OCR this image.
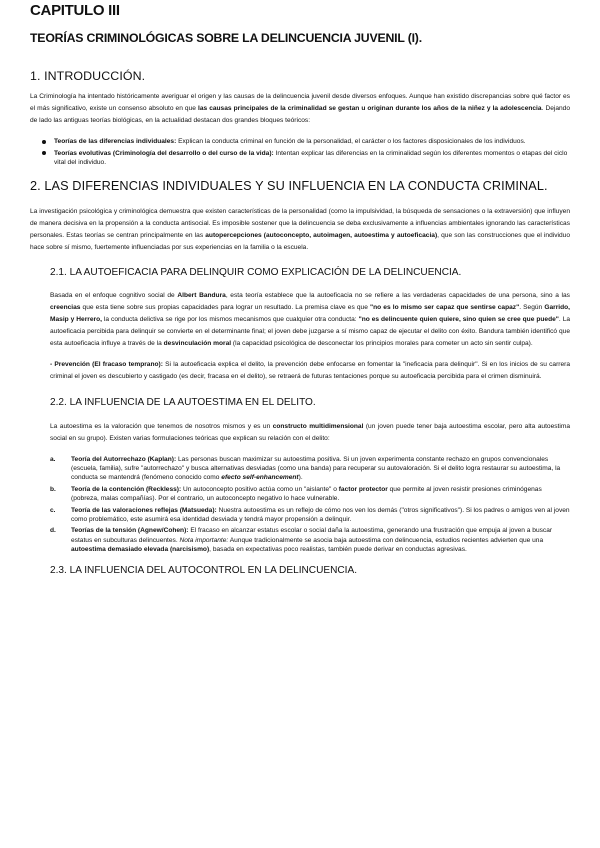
CAPITULO III
TEORÍAS CRIMINOLÓGICAS SOBRE LA DELINCUENCIA JUVENIL (I).
1. INTRODUCCIÓN.

La Criminología ha intentado históricamente averiguar el origen y las causas de la delincuencia juvenil desde diversos enfoques. Aunque han existido discrepancias sobre qué factor es el más significativo, existe un consenso absoluto en que las causas principales de la criminalidad se gestan u originan durante los años de la niñez y la adolescencia. Dejando de lado las antiguas teorías biológicas, en la actualidad destacan dos grandes bloques teóricos:

Teorías de las diferencias individuales: Explican la conducta criminal en función de la personalidad, el carácter o los factores disposicionales de los individuos.
Teorías evolutivas (Criminología del desarrollo o del curso de la vida): Intentan explicar las diferencias en la criminalidad según los diferentes momentos o etapas del ciclo vital del individuo.
2. LAS DIFERENCIAS INDIVIDUALES Y SU INFLUENCIA EN LA CONDUCTA CRIMINAL.

La investigación psicológica y criminológica demuestra que existen características de la personalidad (como la impulsividad, la búsqueda de sensaciones o la extraversión) que influyen de manera decisiva en la propensión a la conducta antisocial. Es imposible sostener que la delincuencia se deba exclusivamente a influencias ambientales ignorando las características personales. Estas teorías se centran principalmente en las autopercepciones (autoconcepto, autoimagen, autoestima y autoeficacia), que son las construcciones que el individuo hace sobre sí mismo, fuertemente influenciadas por sus experiencias en la familia o la escuela.

2.1. LA AUTOEFICACIA PARA DELINQUIR COMO EXPLICACIÓN DE LA DELINCUENCIA.

Basada en el enfoque cognitivo social de Albert Bandura, esta teoría establece que la autoeficacia no se refiere a las verdaderas capacidades de una persona, sino a las creencias que esta tiene sobre sus propias capacidades para lograr un resultado. La premisa clave es que "no es lo mismo ser capaz que sentirse capaz". Según Garrido, Masip y Herrero, la conducta delictiva se rige por los mismos mecanismos que cualquier otra conducta: "no es delincuente quien quiere, sino quien se cree que puede". La autoeficacia percibida para delinquir se convierte en el determinante final; el joven debe juzgarse a sí mismo capaz de ejecutar el delito con éxito. Bandura también identificó que esta autoeficacia influye a través de la desvinculación moral (la capacidad psicológica de desconectar los principios morales para cometer un acto sin sentir culpa).

- Prevención (El fracaso temprano): Si la autoeficacia explica el delito, la prevención debe enfocarse en fomentar la "ineficacia para delinquir". Si en los inicios de su carrera criminal el joven es descubierto y castigado (es decir, fracasa en el delito), se retraerá de futuras tentaciones porque su autoeficacia percibida para el crimen disminuirá.

2.2. LA INFLUENCIA DE LA AUTOESTIMA EN EL DELITO.

La autoestima es la valoración que tenemos de nosotros mismos y es un constructo multidimensional (un joven puede tener baja autoestima escolar, pero alta autoestima social en su grupo). Existen varias formulaciones teóricas que explican su relación con el delito:

a. Teoría del Autorrechazo (Kaplan): Las personas buscan maximizar su autoestima positiva. Si un joven experimenta constante rechazo en grupos convencionales (escuela, familia), sufre "autorrechazo" y busca alternativas desviadas (como una banda) para recuperar su autovaloración. Si el delito logra restaurar su autoestima, la conducta se mantendrá (fenómeno conocido como efecto self-enhancement).
b. Teoría de la contención (Reckless): Un autoconcepto positivo actúa como un "aislante" o factor protector que permite al joven resistir presiones criminógenas (pobreza, malas compañías). Por el contrario, un autoconcepto negativo lo hace vulnerable.
c. Teoría de las valoraciones reflejas (Matsueda): Nuestra autoestima es un reflejo de cómo nos ven los demás ("otros significativos"). Si los padres o amigos ven al joven como problemático, este asumirá esa identidad desviada y tendrá mayor propensión a delinquir.
d. Teorías de la tensión (Agnew/Cohen): El fracaso en alcanzar estatus escolar o social daña la autoestima, generando una frustración que empuja al joven a buscar estatus en subculturas delincuentes. Nota importante: Aunque tradicionalmente se asocia baja autoestima con delincuencia, estudios recientes advierten que una autoestima demasiado elevada (narcisismo), basada en expectativas poco realistas, también puede derivar en conductas agresivas.
2.3. LA INFLUENCIA DEL AUTOCONTROL EN LA DELINCUENCIA.
